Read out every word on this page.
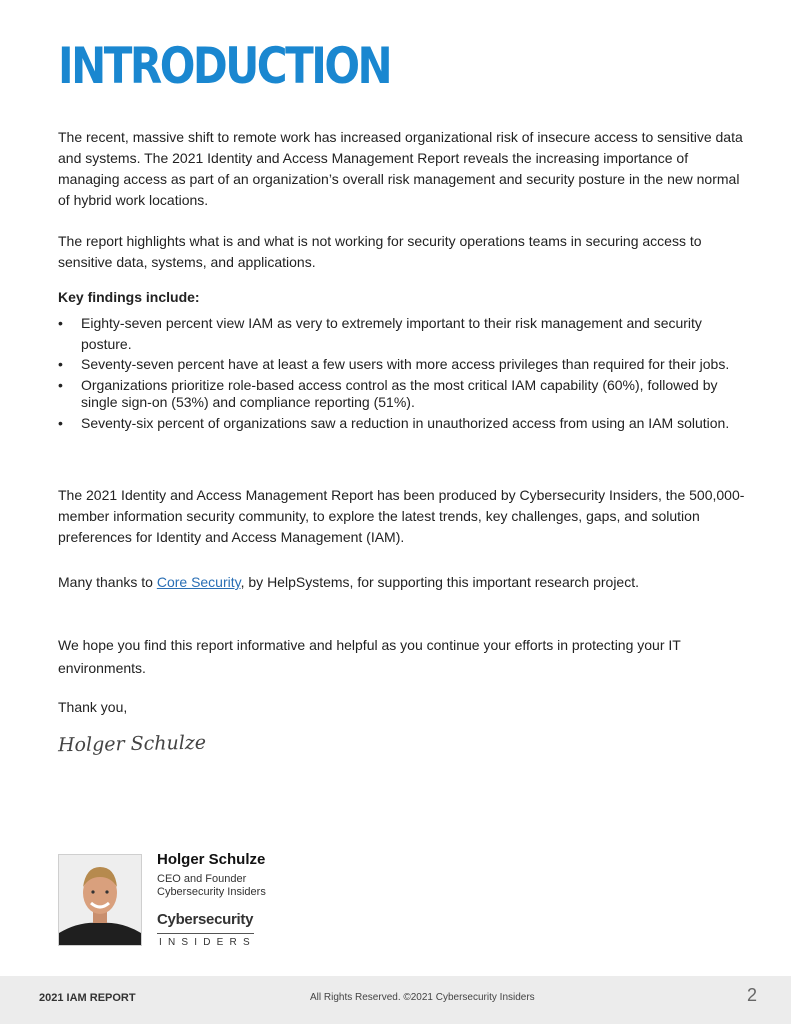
INTRODUCTION

The recent, massive shift to remote work has increased organizational risk of insecure access to sensitive data and systems. The 2021 Identity and Access Management Report reveals the increasing importance of managing access as part of an organization’s overall risk management and security posture in the new normal of hybrid work locations.

The report highlights what is and what is not working for security operations teams in securing access to sensitive data, systems, and applications.

Key findings include:

• Eighty-seven percent view IAM as very to extremely important to their risk management and security posture.
• Seventy-seven percent have at least a few users with more access privileges than required for their jobs.
• Organizations prioritize role-based access control as the most critical IAM capability (60%), followed by single sign-on (53%) and compliance reporting (51%).
• Seventy-six percent of organizations saw a reduction in unauthorized access from using an IAM solution.

The 2021 Identity and Access Management Report has been produced by Cybersecurity Insiders, the 500,000-member information security community, to explore the latest trends, key challenges, gaps, and solution preferences for Identity and Access Management (IAM).

Many thanks to Core Security, by HelpSystems, for supporting this important research project.

We hope you find this report informative and helpful as you continue your efforts in protecting your IT environments.

Thank you,

Holger Schulze
Holger Schulze
CEO and Founder
Cybersecurity Insiders
Cybersecurity
INSIDERS
2021 IAM REPORT	All Rights Reserved. ©2021 Cybersecurity Insiders	2
